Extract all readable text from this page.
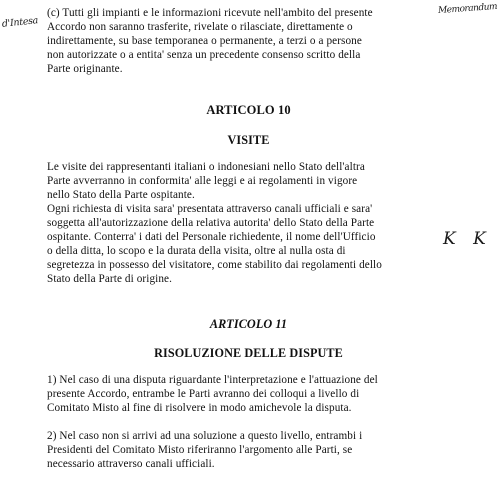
d'Intesa
Memorandum
(c) Tutti gli impianti e le informazioni ricevute nell'ambito del presente
Accordo non saranno trasferite, rivelate o rilasciate, direttamente o
indirettamente, su base temporanea o permanente, a terzi o a persone
non autorizzate o a entita' senza un precedente consenso scritto della
Parte originante.
ARTICOLO 10
VISITE
Le visite dei rappresentanti italiani o indonesiani nello Stato dell'altra
Parte avverranno in conformita' alle leggi e ai regolamenti in vigore
nello Stato della Parte ospitante.
Ogni richiesta di visita sara' presentata attraverso canali ufficiali e sara'
soggetta all'autorizzazione della relativa autorita' dello Stato della Parte
ospitante. Conterra' i dati del Personale richiedente, il nome dell'Ufficio
o della ditta, lo scopo e la durata della visita, oltre al nulla osta di
segretezza in possesso del visitatore, come stabilito dai regolamenti dello
Stato della Parte di origine.
K K
ARTICOLO 11
RISOLUZIONE DELLE DISPUTE
1) Nel caso di una disputa riguardante l'interpretazione e l'attuazione del
presente Accordo, entrambe le Parti avranno dei colloqui a livello di
Comitato Misto al fine di risolvere in modo amichevole la disputa.
2) Nel caso non si arrivi ad una soluzione a questo livello, entrambi i
Presidenti del Comitato Misto riferiranno l'argomento alle Parti, se
necessario attraverso canali ufficiali.
